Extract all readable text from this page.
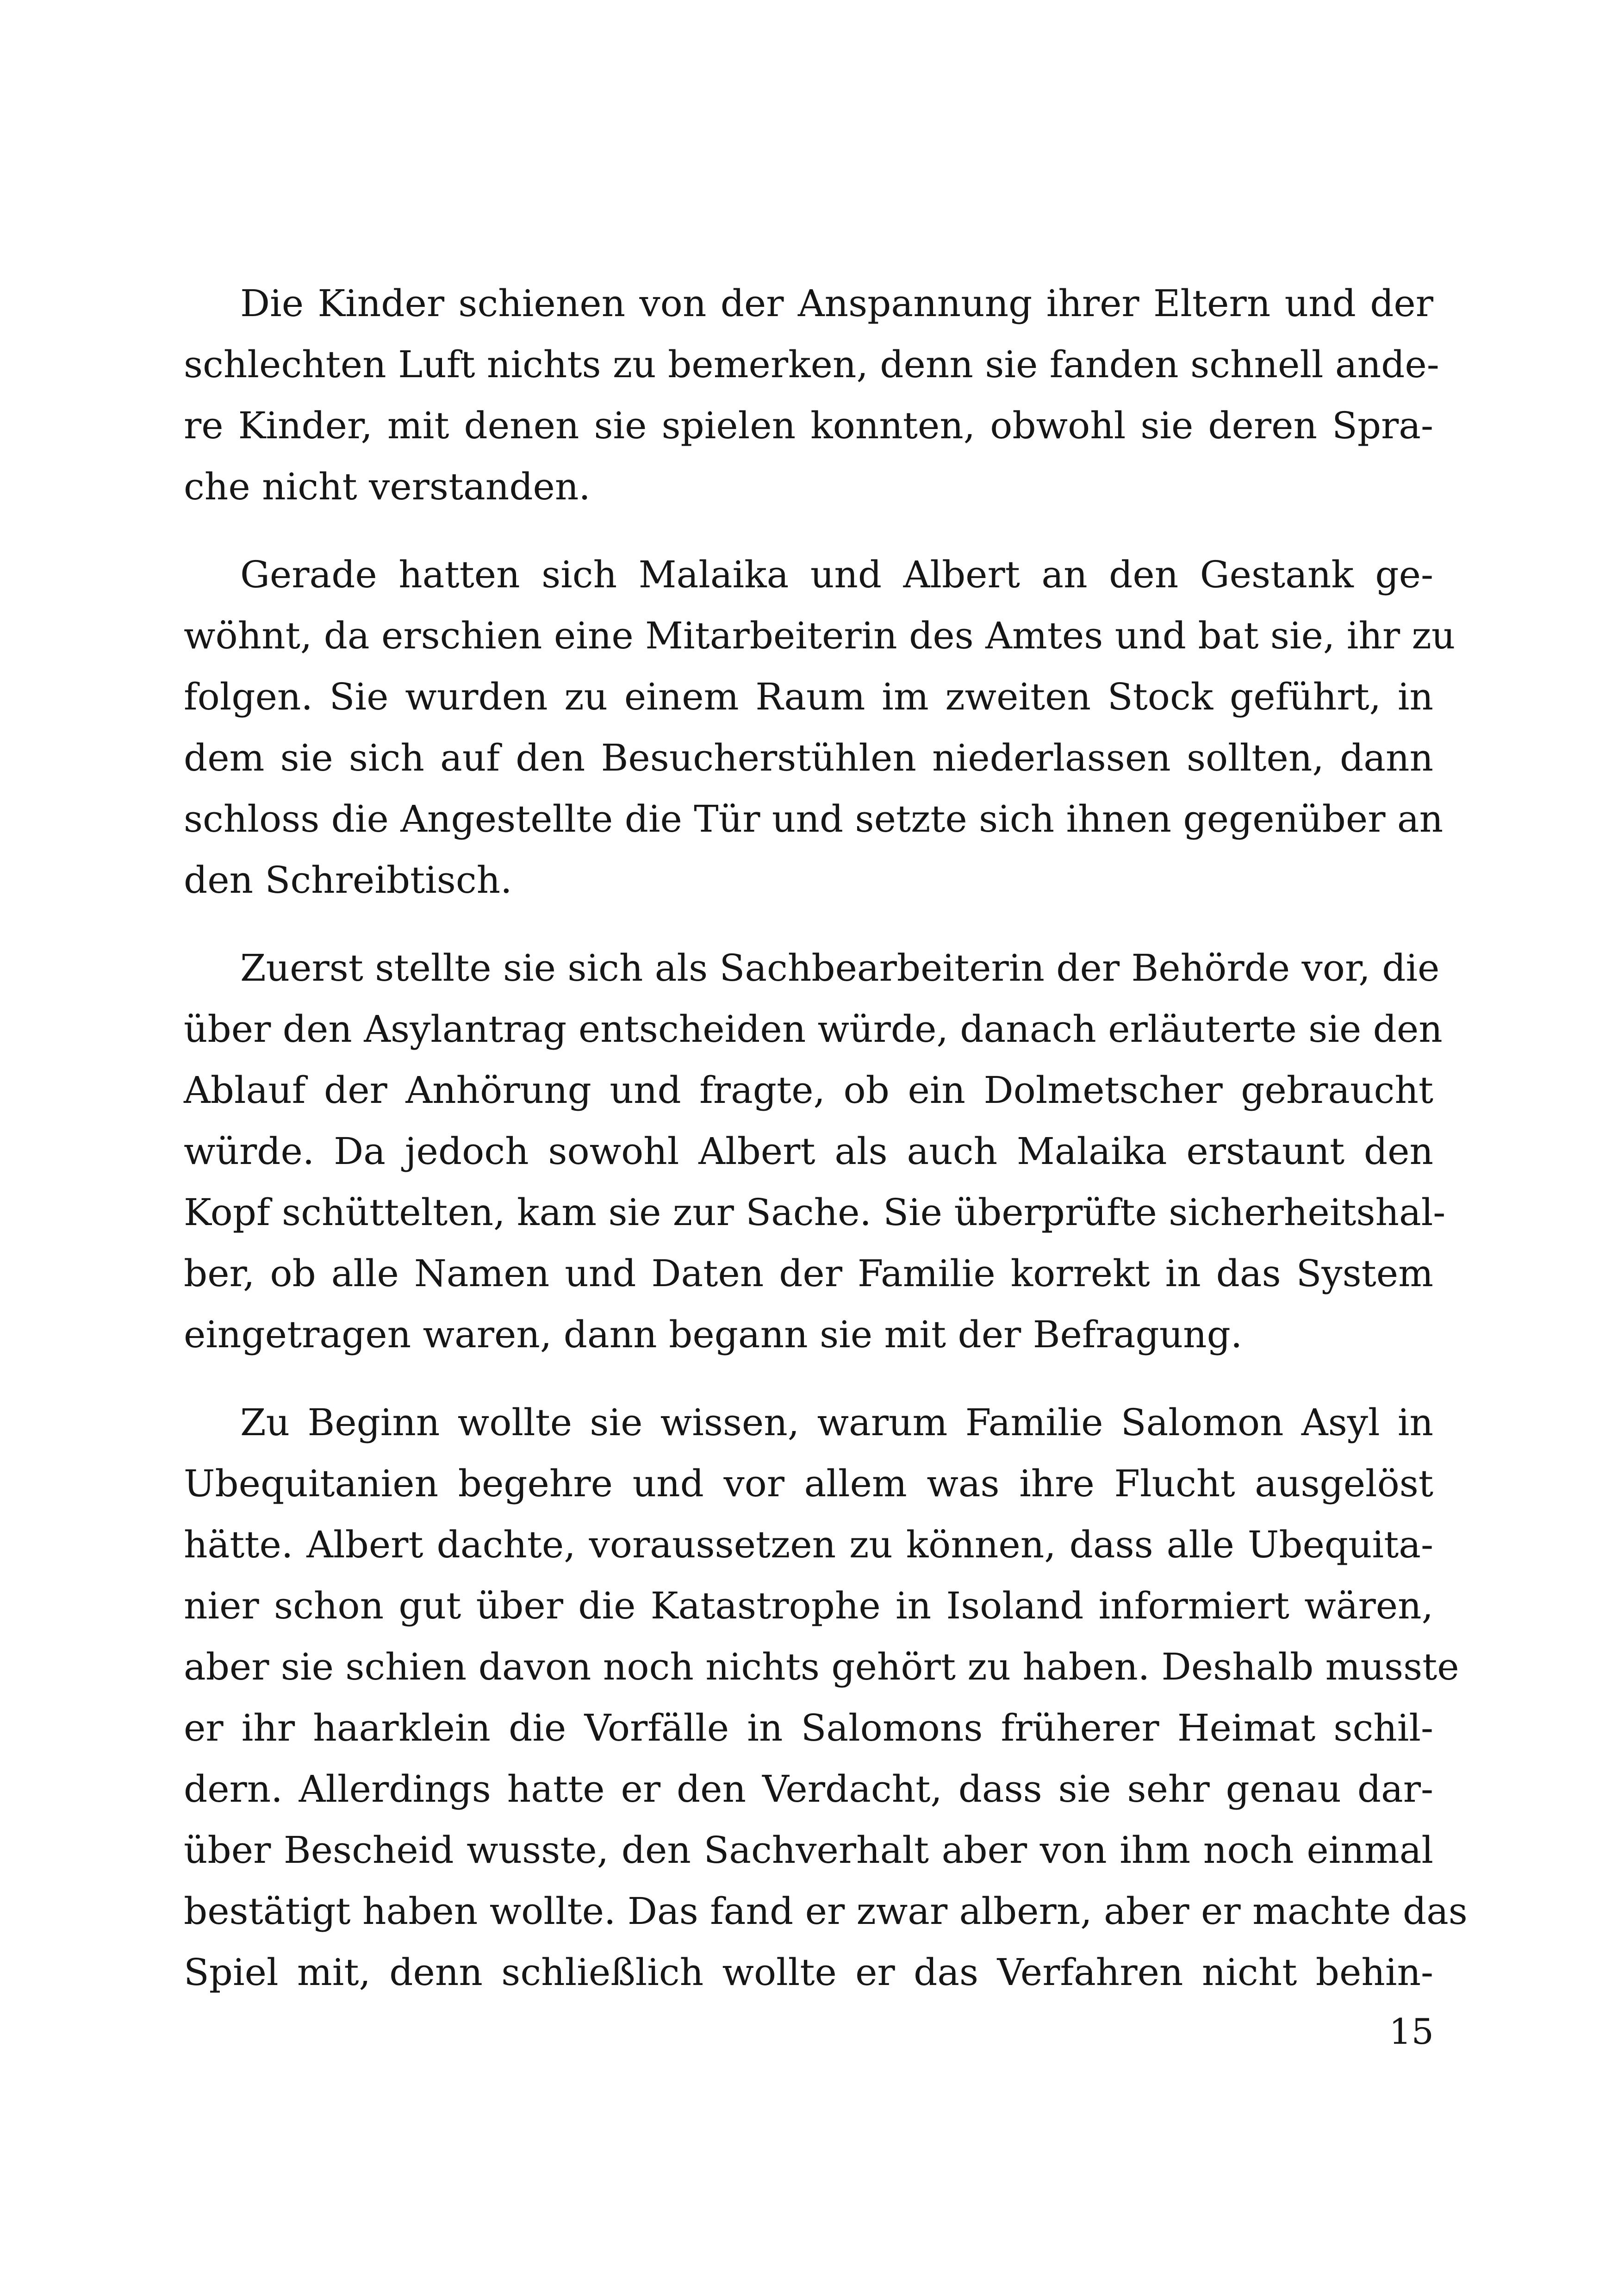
Die Kinder schienen von der Anspannung ihrer Eltern und der
schlechten Luft nichts zu bemerken, denn sie fanden schnell ande-
re Kinder, mit denen sie spielen konnten, obwohl sie deren Spra-
che nicht verstanden.

Gerade hatten sich Malaika und Albert an den Gestank ge-
wöhnt, da erschien eine Mitarbeiterin des Amtes und bat sie, ihr zu
folgen. Sie wurden zu einem Raum im zweiten Stock geführt, in
dem sie sich auf den Besucherstühlen niederlassen sollten, dann
schloss die Angestellte die Tür und setzte sich ihnen gegenüber an
den Schreibtisch.

Zuerst stellte sie sich als Sachbearbeiterin der Behörde vor, die
über den Asylantrag entscheiden würde, danach erläuterte sie den
Ablauf der Anhörung und fragte, ob ein Dolmetscher gebraucht
würde. Da jedoch sowohl Albert als auch Malaika erstaunt den
Kopf schüttelten, kam sie zur Sache. Sie überprüfte sicherheitshal-
ber, ob alle Namen und Daten der Familie korrekt in das System
eingetragen waren, dann begann sie mit der Befragung.

Zu Beginn wollte sie wissen, warum Familie Salomon Asyl in
Ubequitanien begehre und vor allem was ihre Flucht ausgelöst
hätte. Albert dachte, voraussetzen zu können, dass alle Ubequita-
nier schon gut über die Katastrophe in Isoland informiert wären,
aber sie schien davon noch nichts gehört zu haben. Deshalb musste
er ihr haarklein die Vorfälle in Salomons früherer Heimat schil-
dern. Allerdings hatte er den Verdacht, dass sie sehr genau dar-
über Bescheid wusste, den Sachverhalt aber von ihm noch einmal
bestätigt haben wollte. Das fand er zwar albern, aber er machte das
Spiel mit, denn schließlich wollte er das Verfahren nicht behin-

15
